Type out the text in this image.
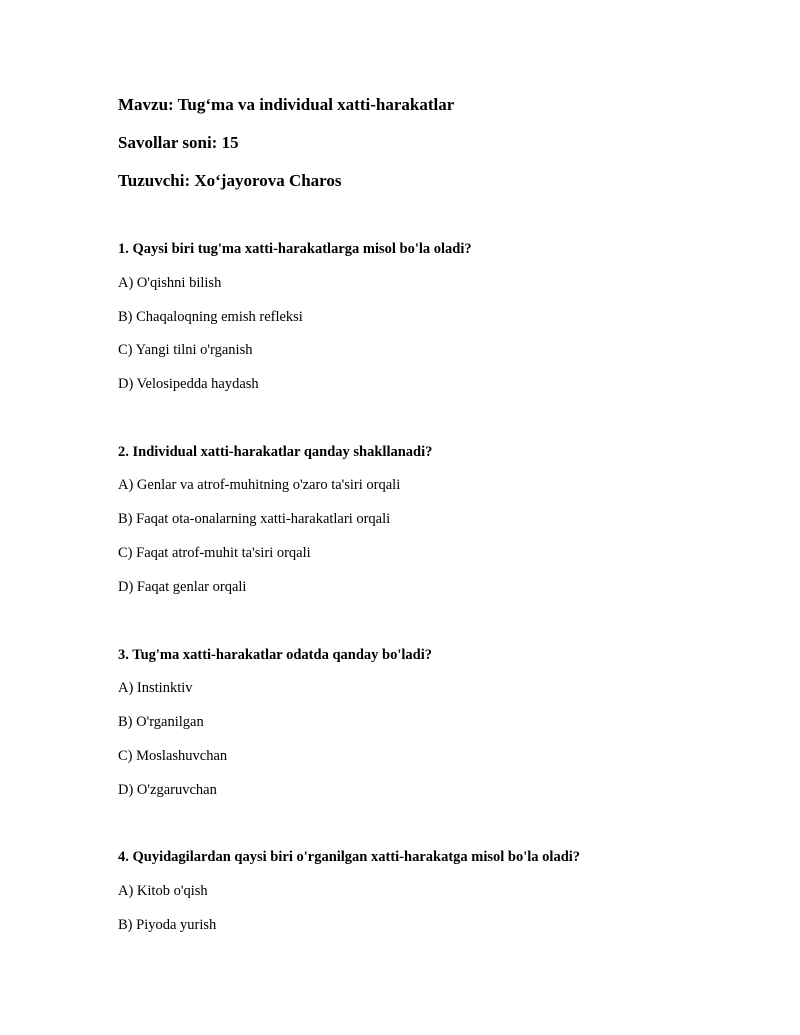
Mavzu: Tug‘ma va individual xatti-harakatlar
Savollar soni: 15
Tuzuvchi: Xo‘jayorova Charos
1. Qaysi biri tug'ma xatti-harakatlarga misol bo'la oladi?
A) O'qishni bilish
B) Chaqaloqning emish refleksi
C) Yangi tilni o'rganish
D) Velosipedda haydash
2. Individual xatti-harakatlar qanday shakllanadi?
A) Genlar va atrof-muhitning o'zaro ta'siri orqali
B) Faqat ota-onalarning xatti-harakatlari orqali
C) Faqat atrof-muhit ta'siri orqali
D) Faqat genlar orqali
3. Tug'ma xatti-harakatlar odatda qanday bo'ladi?
A) Instinktiv
B) O'rganilgan
C) Moslashuvchan
D) O'zgaruvchan
4. Quyidagilardan qaysi biri o'rganilgan xatti-harakatga misol bo'la oladi?
A) Kitob o'qish
B) Piyoda yurish
